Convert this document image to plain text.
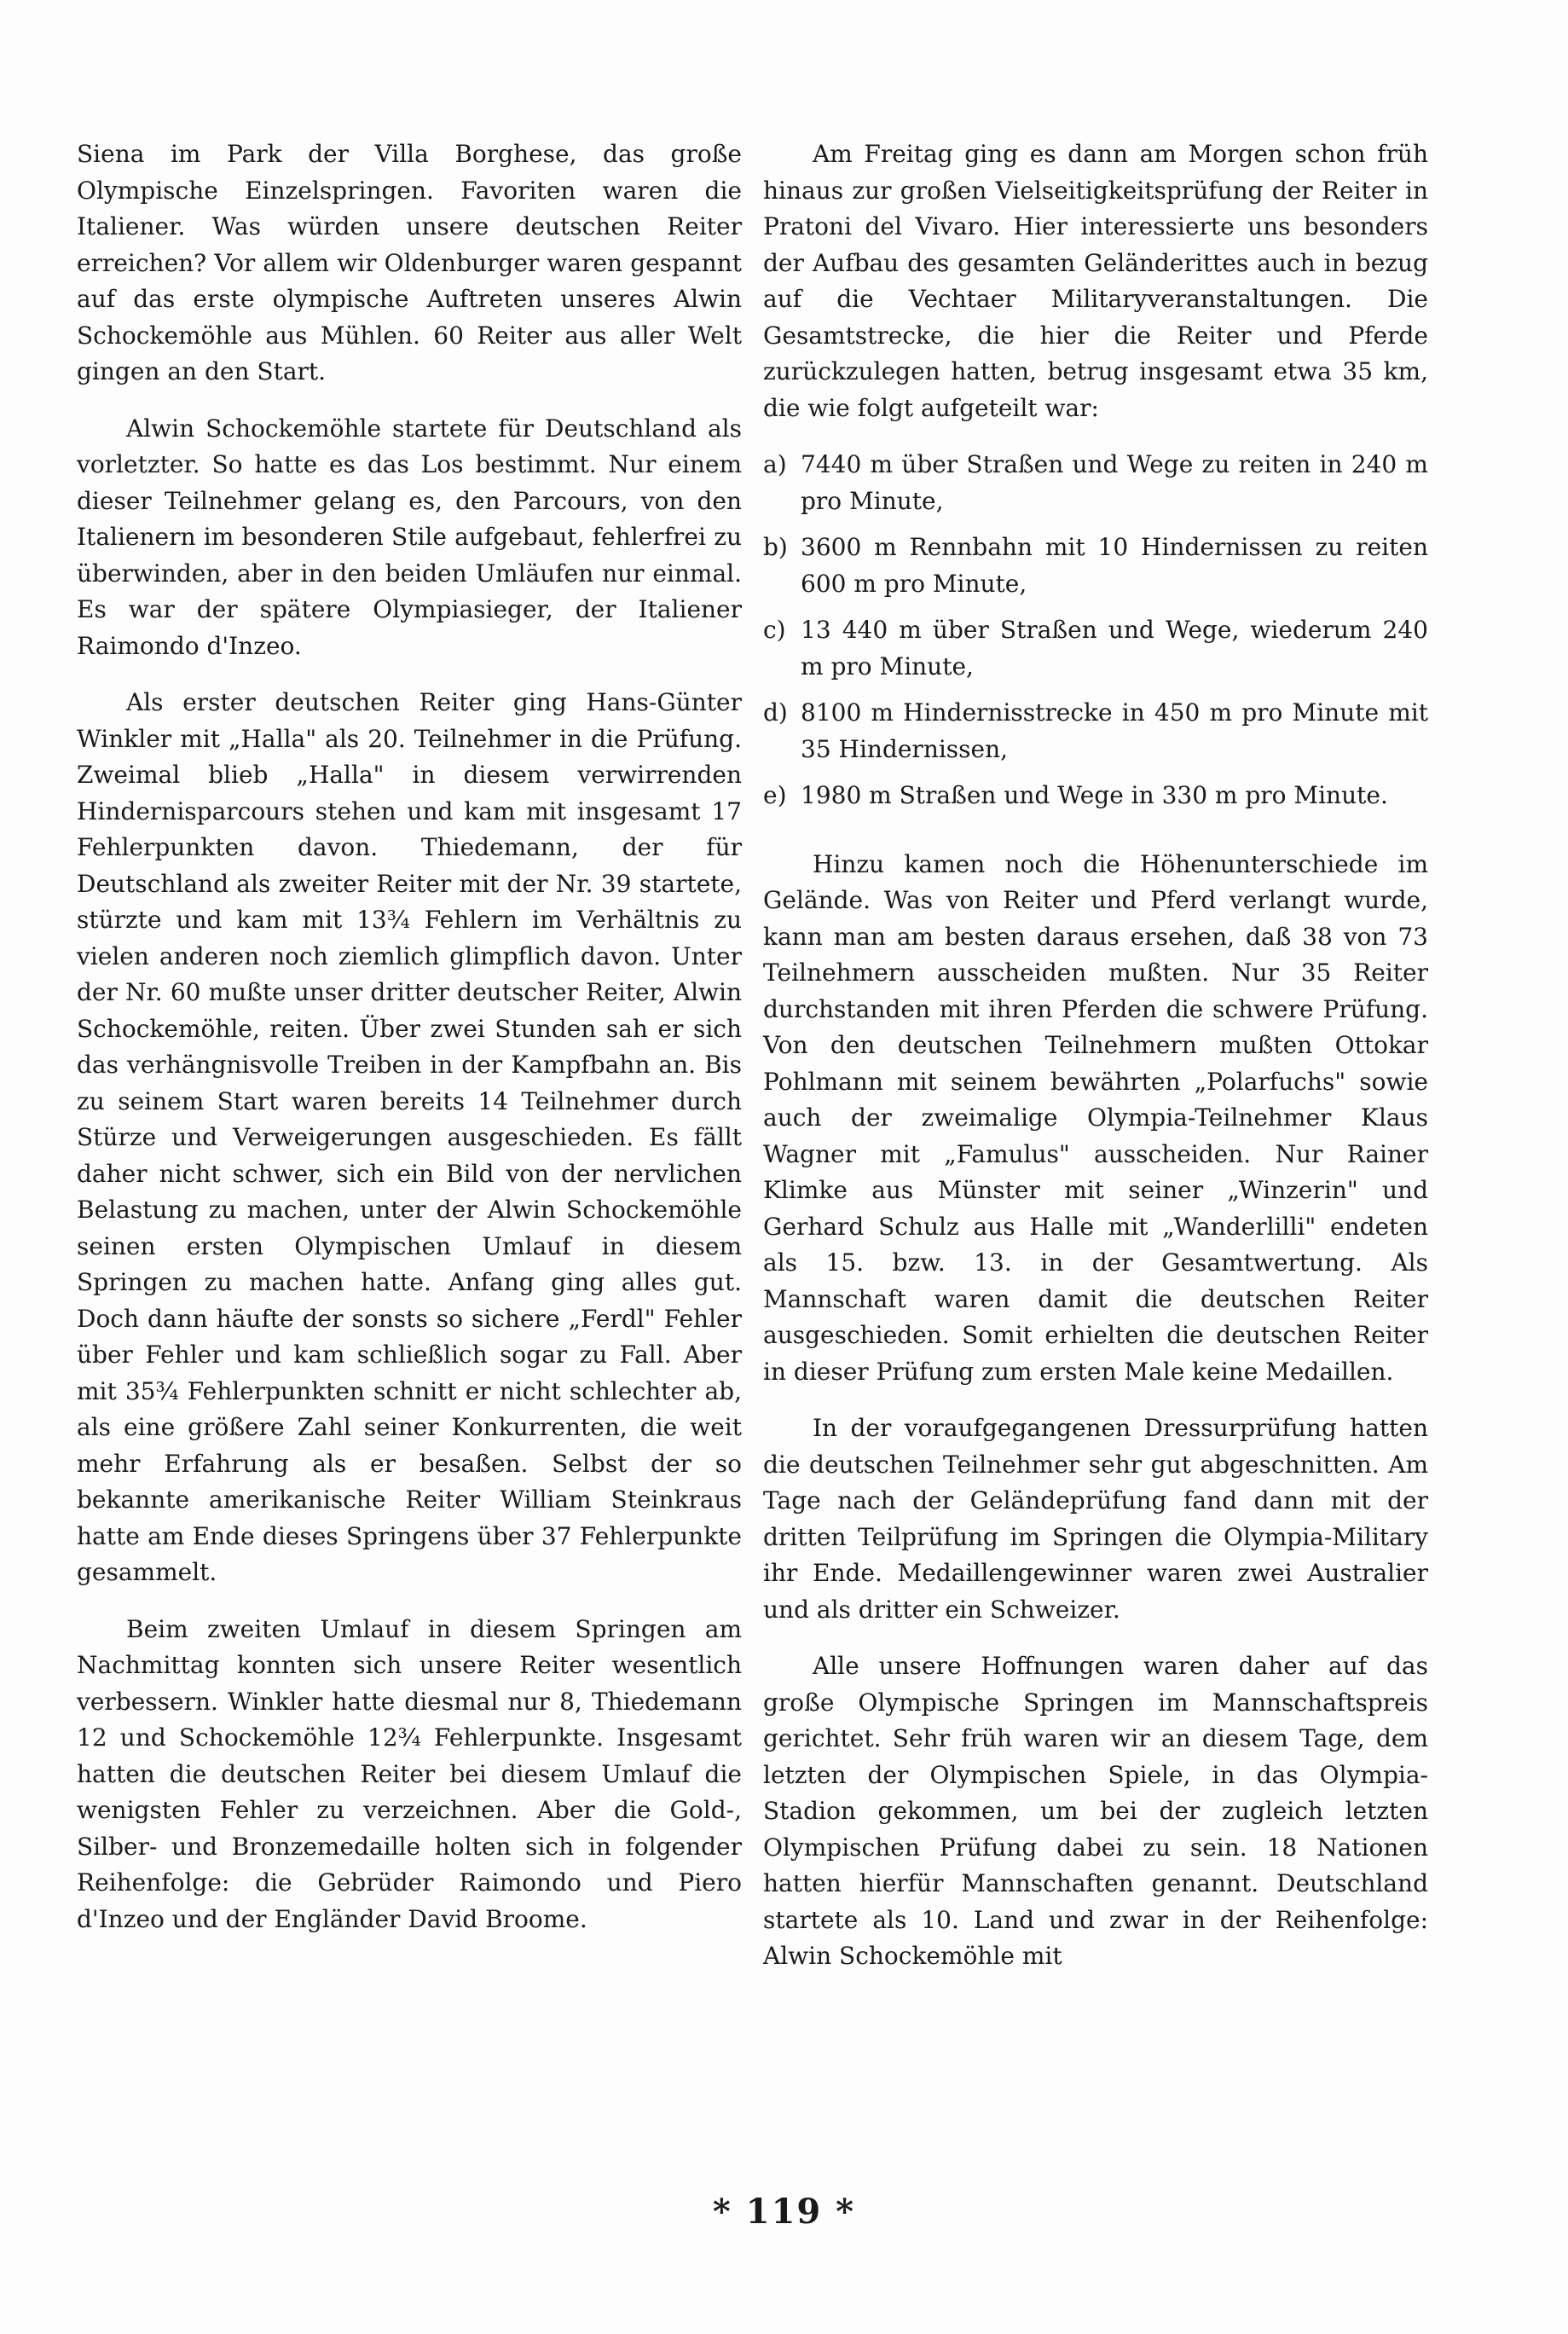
Siena im Park der Villa Borghese, das große Olympische Einzelspringen. Favoriten waren die Italiener. Was würden unsere deutschen Reiter erreichen? Vor allem wir Oldenburger waren gespannt auf das erste olympische Auftreten unseres Alwin Schockemöhle aus Mühlen. 60 Reiter aus aller Welt gingen an den Start.

Alwin Schockemöhle startete für Deutschland als vorletzter. So hatte es das Los bestimmt. Nur einem dieser Teilnehmer gelang es, den Parcours, von den Italienern im besonderen Stile aufgebaut, fehlerfrei zu überwinden, aber in den beiden Umläufen nur einmal. Es war der spätere Olympiasieger, der Italiener Raimondo d'Inzeo.

Als erster deutschen Reiter ging Hans-Günter Winkler mit „Halla" als 20. Teilnehmer in die Prüfung. Zweimal blieb „Halla" in diesem verwirrenden Hindernisparcours stehen und kam mit insgesamt 17 Fehlerpunkten davon. Thiedemann, der für Deutschland als zweiter Reiter mit der Nr. 39 startete, stürzte und kam mit 13¾ Fehlern im Verhältnis zu vielen anderen noch ziemlich glimpflich davon. Unter der Nr. 60 mußte unser dritter deutscher Reiter, Alwin Schockemöhle, reiten. Über zwei Stunden sah er sich das verhängnisvolle Treiben in der Kampfbahn an. Bis zu seinem Start waren bereits 14 Teilnehmer durch Stürze und Verweigerungen ausgeschieden. Es fällt daher nicht schwer, sich ein Bild von der nervlichen Belastung zu machen, unter der Alwin Schockemöhle seinen ersten Olympischen Umlauf in diesem Springen zu machen hatte. Anfang ging alles gut. Doch dann häufte der sonsts so sichere „Ferdl" Fehler über Fehler und kam schließlich sogar zu Fall. Aber mit 35¾ Fehlerpunkten schnitt er nicht schlechter ab, als eine größere Zahl seiner Konkurrenten, die weit mehr Erfahrung als er besaßen. Selbst der so bekannte amerikanische Reiter William Steinkraus hatte am Ende dieses Springens über 37 Fehlerpunkte gesammelt.

Beim zweiten Umlauf in diesem Springen am Nachmittag konnten sich unsere Reiter wesentlich verbessern. Winkler hatte diesmal nur 8, Thiedemann 12 und Schockemöhle 12¾ Fehlerpunkte. Insgesamt hatten die deutschen Reiter bei diesem Umlauf die wenigsten Fehler zu verzeichnen. Aber die Gold-, Silber- und Bronzemedaille holten sich in folgender Reihenfolge: die Gebrüder Raimondo und Piero d'Inzeo und der Engländer David Broome.

Am Freitag ging es dann am Morgen schon früh hinaus zur großen Vielseitigkeitsprüfung der Reiter in Pratoni del Vivaro. Hier interessierte uns besonders der Aufbau des gesamten Geländerittes auch in bezug auf die Vechtaer Militaryveranstaltungen. Die Gesamtstrecke, die hier die Reiter und Pferde zurückzulegen hatten, betrug insgesamt etwa 35 km, die wie folgt aufgeteilt war:

a) 7440 m über Straßen und Wege zu reiten in 240 m pro Minute,
b) 3600 m Rennbahn mit 10 Hindernissen zu reiten 600 m pro Minute,
c) 13 440 m über Straßen und Wege, wiederum 240 m pro Minute,
d) 8100 m Hindernisstrecke in 450 m pro Minute mit 35 Hindernissen,
e) 1980 m Straßen und Wege in 330 m pro Minute.

Hinzu kamen noch die Höhenunterschiede im Gelände. Was von Reiter und Pferd verlangt wurde, kann man am besten daraus ersehen, daß 38 von 73 Teilnehmern ausscheiden mußten. Nur 35 Reiter durchstanden mit ihren Pferden die schwere Prüfung. Von den deutschen Teilnehmern mußten Ottokar Pohlmann mit seinem bewährten „Polarfuchs" sowie auch der zweimalige Olympia-Teilnehmer Klaus Wagner mit „Famulus" ausscheiden. Nur Rainer Klimke aus Münster mit seiner „Winzerin" und Gerhard Schulz aus Halle mit „Wanderlilli" endeten als 15. bzw. 13. in der Gesamtwertung. Als Mannschaft waren damit die deutschen Reiter ausgeschieden. Somit erhielten die deutschen Reiter in dieser Prüfung zum ersten Male keine Medaillen.

In der voraufgegangenen Dressurprüfung hatten die deutschen Teilnehmer sehr gut abgeschnitten. Am Tage nach der Geländeprüfung fand dann mit der dritten Teilprüfung im Springen die Olympia-Military ihr Ende. Medaillengewinner waren zwei Australier und als dritter ein Schweizer.

Alle unsere Hoffnungen waren daher auf das große Olympische Springen im Mannschaftspreis gerichtet. Sehr früh waren wir an diesem Tage, dem letzten der Olympischen Spiele, in das Olympia-Stadion gekommen, um bei der zugleich letzten Olympischen Prüfung dabei zu sein. 18 Nationen hatten hierfür Mannschaften genannt. Deutschland startete als 10. Land und zwar in der Reihenfolge: Alwin Schockemöhle mit

* 119 *
